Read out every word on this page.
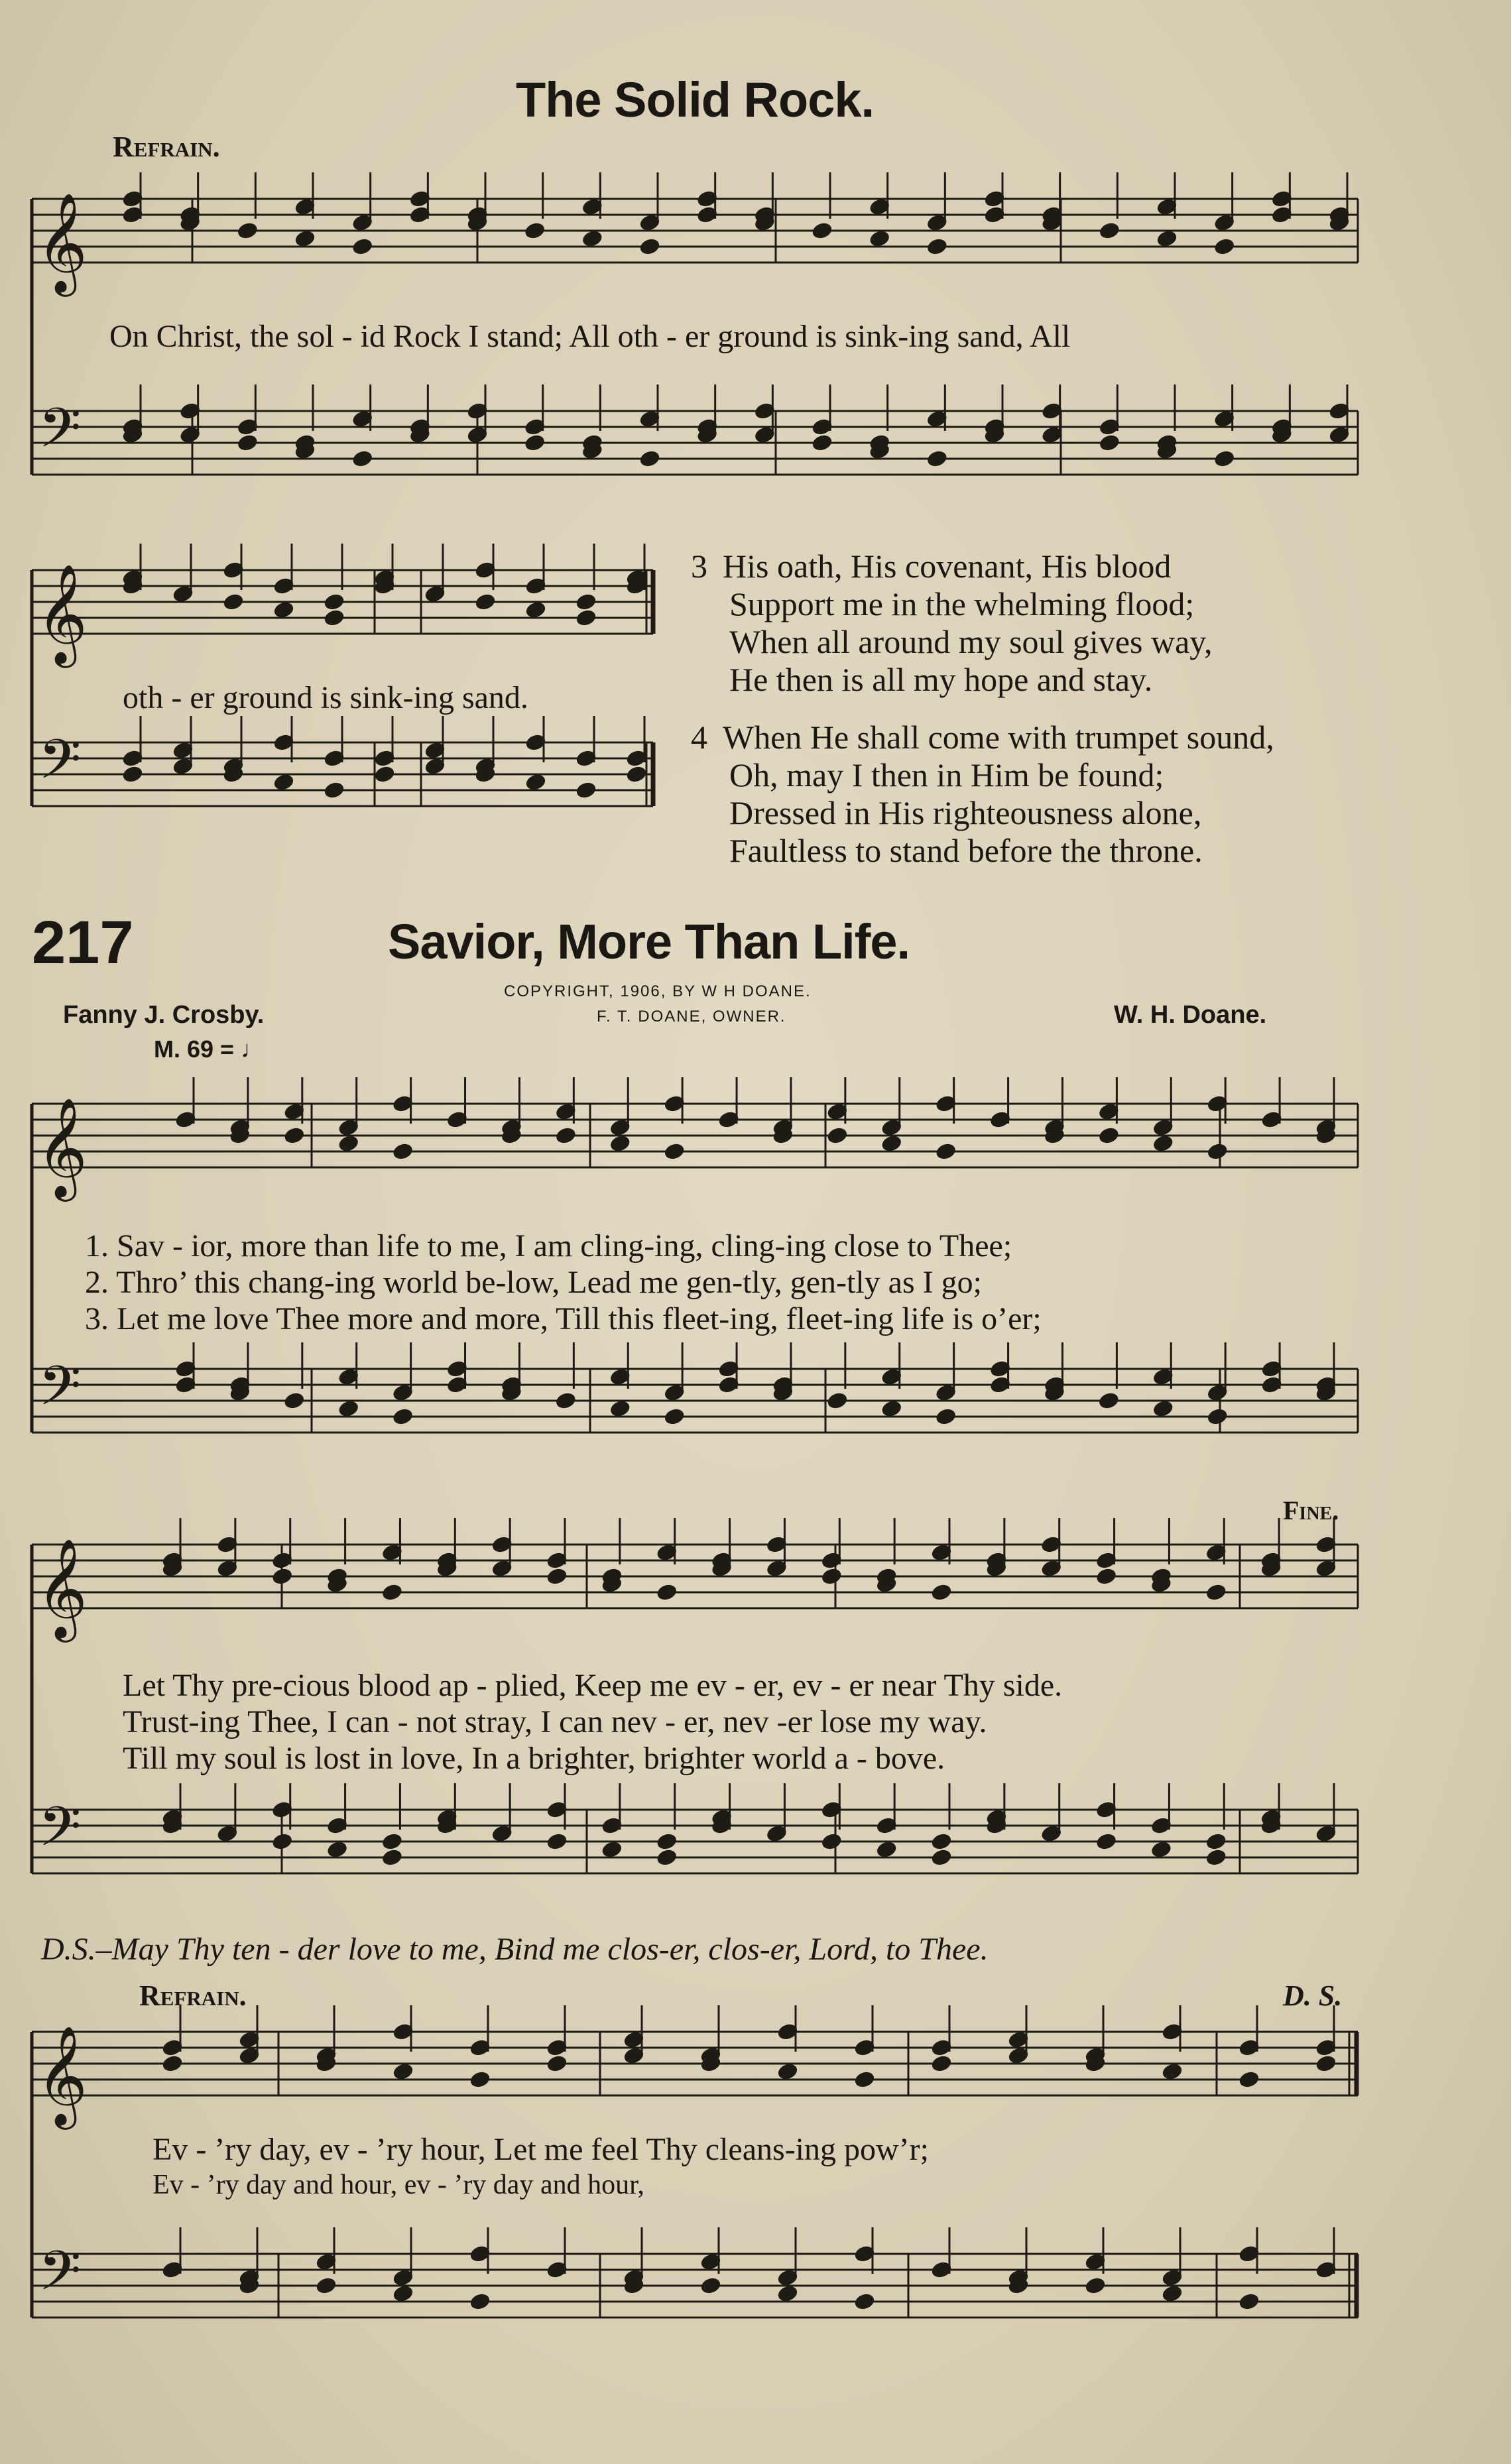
𝄞
𝄢
𝄞
𝄢
𝄞
𝄢
𝄞
𝄢
𝄞
𝄢
The Solid Rock.
Refrain.
On Christ, the sol - id Rock I stand; All oth - er ground is sink-ing sand, All
oth - er ground is sink-ing sand.
3 His oath, His covenant, His blood
Support me in the whelming flood;
When all around my soul gives way,
He then is all my hope and stay.
4 When He shall come with trumpet sound,
Oh, may I then in Him be found;
Dressed in His righteousness alone,
Faultless to stand before the throne.
217	Savior, More Than Life.
COPYRIGHT, 1906, BY W H DOANE.
F. T. DOANE, OWNER.
Fanny J. Crosby.	W. H. Doane.
M. 69 = ♩
1. Sav - ior, more than life to me, I am cling-ing, cling-ing close to Thee;
2. Thro’ this chang-ing world be-low, Lead me gen-tly, gen-tly as I go;
3. Let me love Thee more and more, Till this fleet-ing, fleet-ing life is o’er;
Fine.
Let Thy pre-cious blood ap - plied, Keep me ev - er, ev - er near Thy side.
Trust-ing Thee, I can - not stray, I can nev - er, nev -er lose my way.
Till my soul is lost in love, In a brighter, brighter world a - bove.
D.S.–May Thy ten - der love to me, Bind me clos-er, clos-er, Lord, to Thee.
Refrain.	D. S.
Ev - ’ry day, ev - ’ry hour, Let me feel Thy cleans-ing pow’r;
Ev - ’ry day and hour, ev - ’ry day and hour,
